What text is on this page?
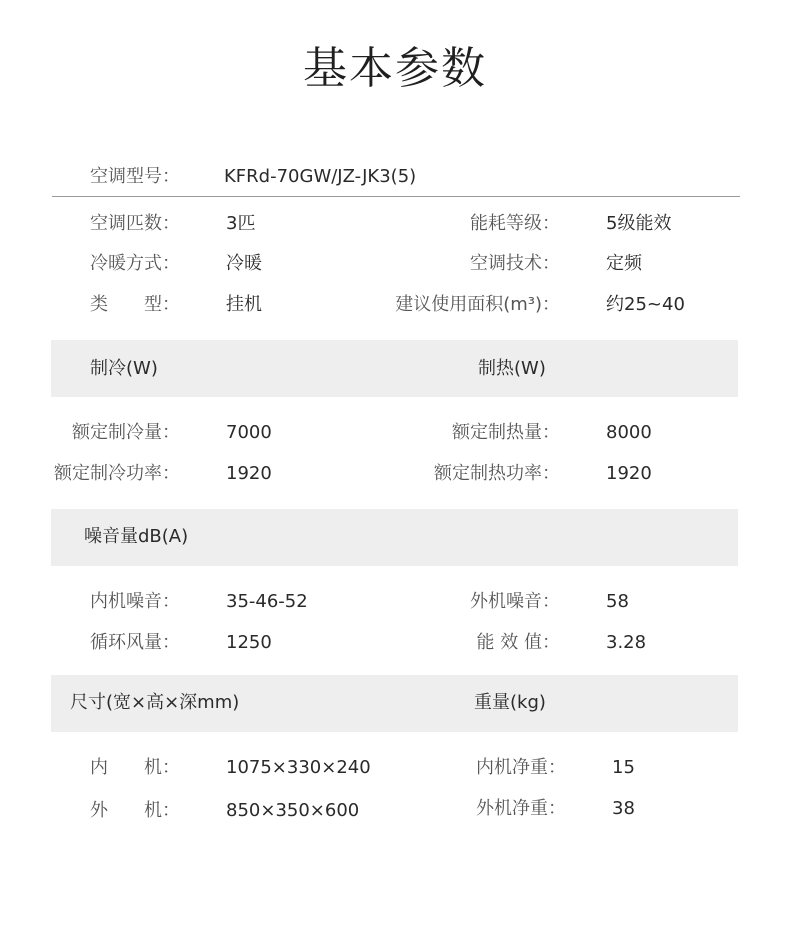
基本参数
空调型号： KFRd-70GW/JZ-JK3(5)
空调匹数：	3匹	能耗等级：	5级能效
冷暖方式：	冷暖	空调技术：	定频
类　　型：	挂机	建议使用面积(m³)：	约25~40
制冷(W)	制热(W)
额定制冷量：	7000	额定制热量：	8000
额定制冷功率：	1920	额定制热功率：	1920
噪音量dB(A)
内机噪音：	35-46-52	外机噪音：	58
循环风量：	1250	能 效 值：	3.28
尺寸(宽×高×深mm)	重量(kg)
内　　机：	1075×330×240	内机净重：	15
外　　机：	850×350×600	外机净重：	38
